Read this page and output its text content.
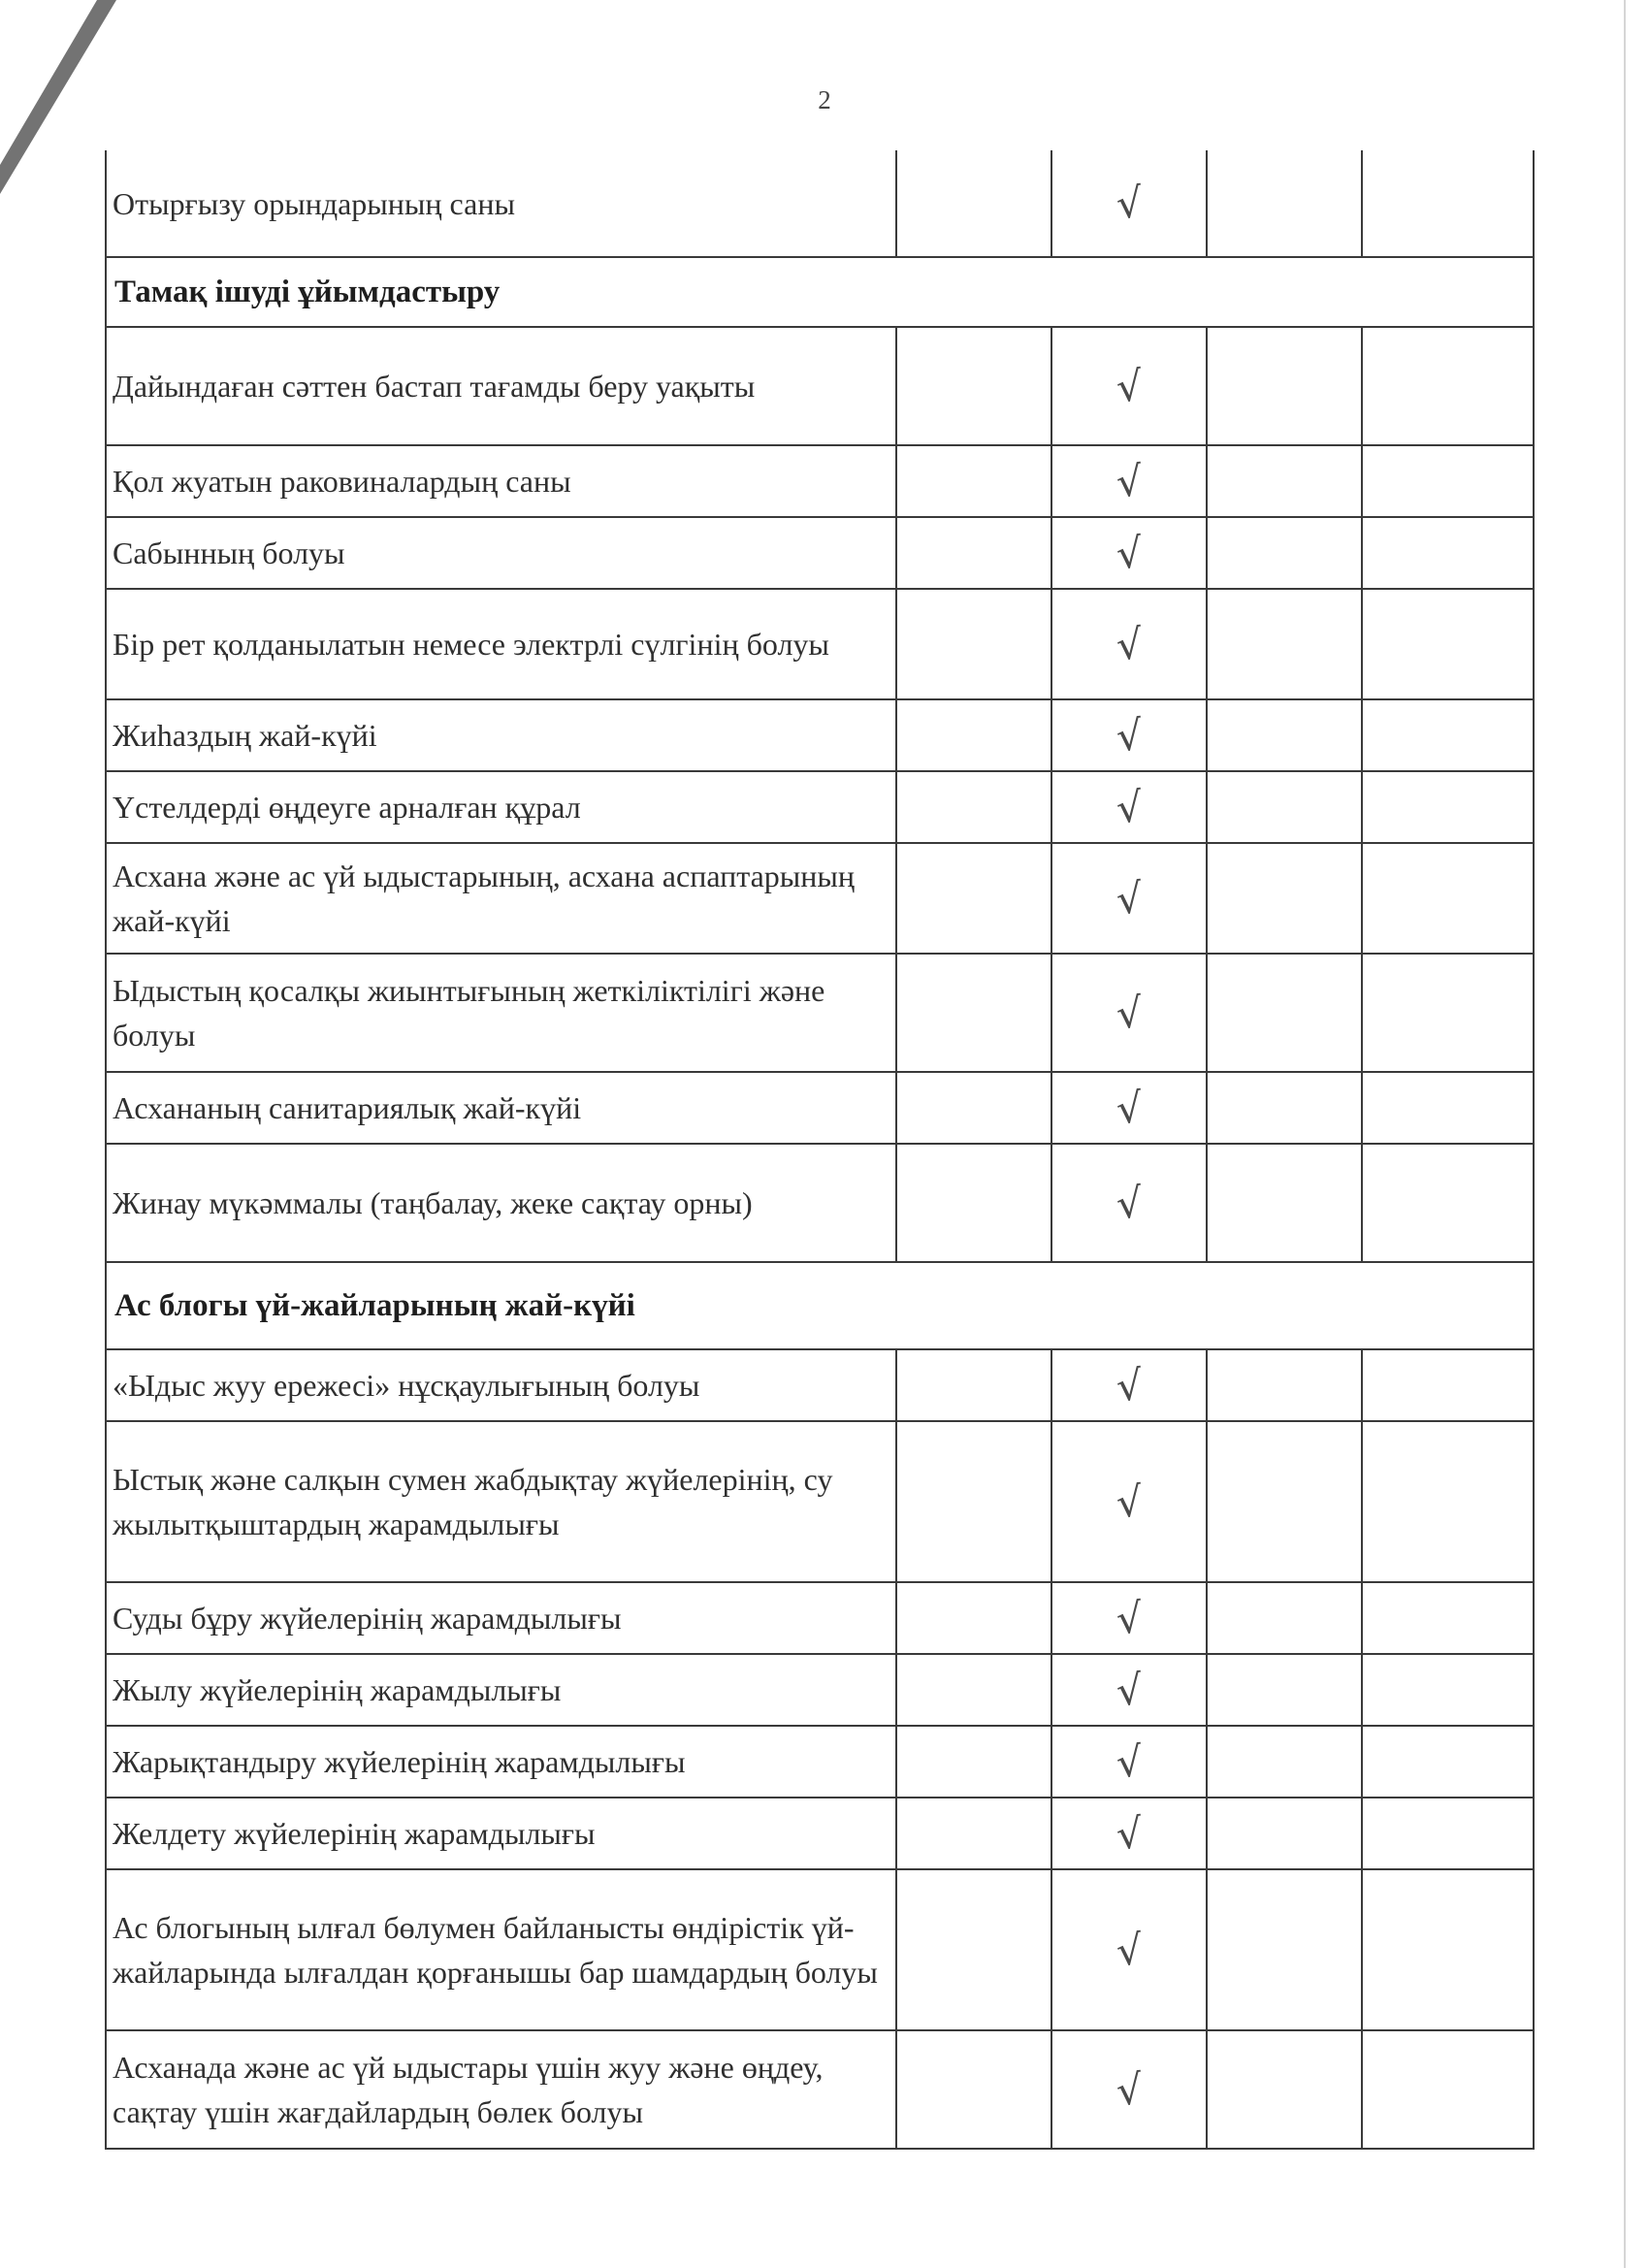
2
Отырғызу орындарының саны		√		
Тамақ ішуді ұйымдастыру				
Дайындаған сәттен бастап тағамды беру уақыты		√		
Қол жуатын раковиналардың саны		√		
Сабынның болуы		√		
Бір рет қолданылатын немесе электрлі сүлгінің болуы		√		
Жиһаздың жай-күйі		√		
Үстелдерді өңдеуге арналған құрал		√		
Асхана және ас үй ыдыстарының, асхана аспаптарының жай-күйі		√		
Ыдыстың қосалқы жиынтығының жеткіліктілігі және болуы		√		
Асхананың санитариялық жай-күйі		√		
Жинау мүкәммалы (таңбалау, жеке сақтау орны)		√		
Ас блогы үй-жайларының жай-күйі				
«Ыдыс жуу ережесі» нұсқаулығының болуы		√		
Ыстық және салқын сумен жабдықтау жүйелерінің, су жылытқыштардың жарамдылығы		√		
Суды бұру жүйелерінің жарамдылығы		√		
Жылу жүйелерінің жарамдылығы		√		
Жарықтандыру жүйелерінің жарамдылығы		√		
Желдету жүйелерінің жарамдылығы		√		
Ас блогының ылғал бөлумен байланысты өндірістік үй-жайларында ылғалдан қорғанышы бар шамдардың болуы		√		
Асханада және ас үй ыдыстары үшін жуу және өңдеу, сақтау үшін жағдайлардың бөлек болуы		√		
